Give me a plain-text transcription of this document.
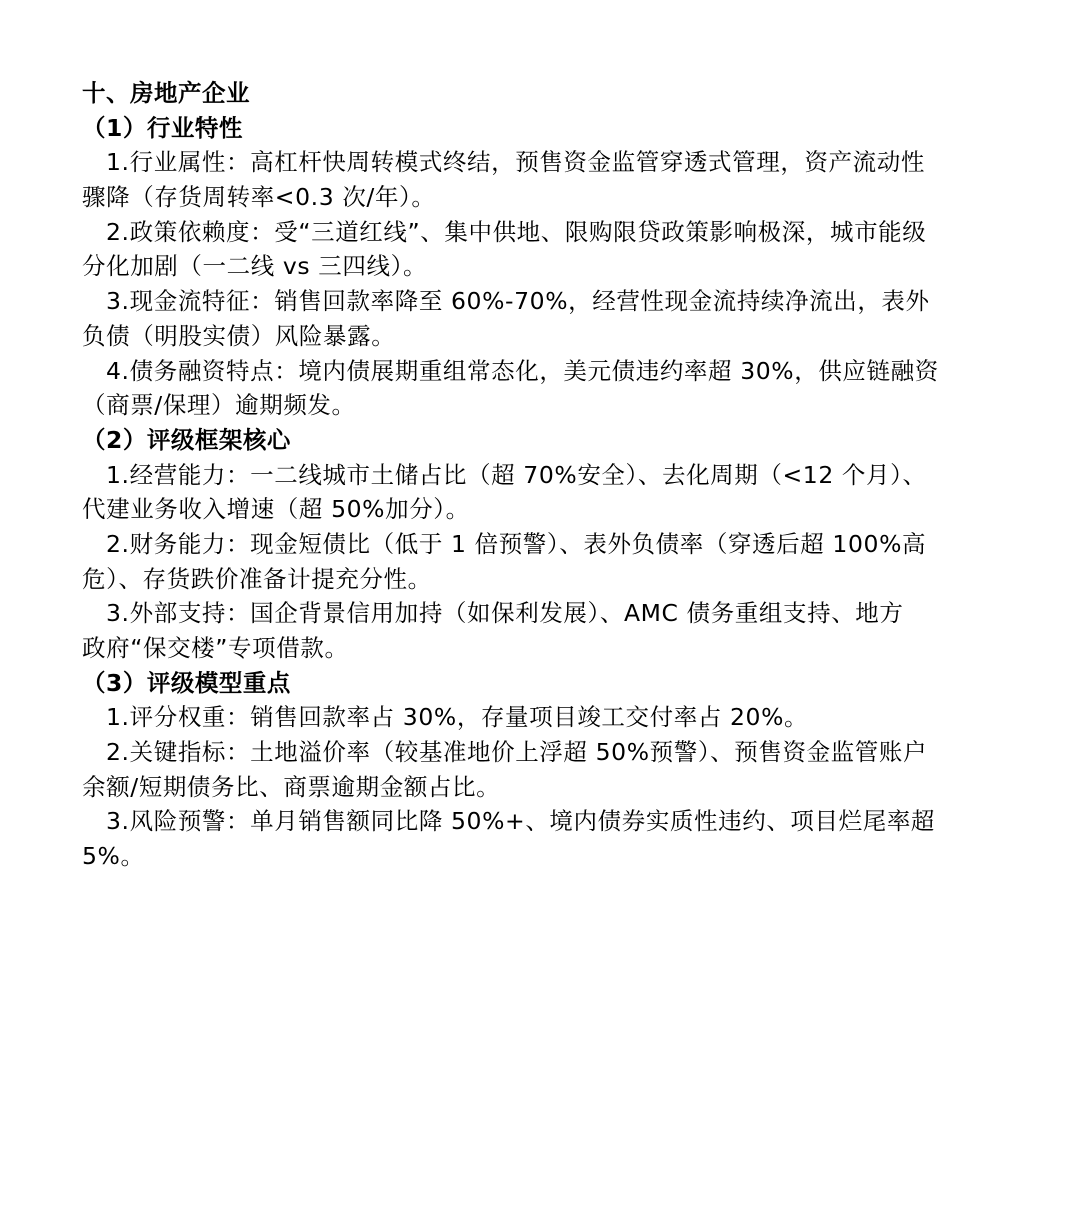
十、房地产企业
（1）行业特性
1.行业属性：高杠杆快周转模式终结，预售资金监管穿透式管理，资产流动性
骤降（存货周转率<0.3 次/年）。
2.政策依赖度：受“三道红线”、集中供地、限购限贷政策影响极深，城市能级
分化加剧（一二线 vs 三四线）。
3.现金流特征：销售回款率降至 60%-70%，经营性现金流持续净流出，表外
负债（明股实债）风险暴露。
4.债务融资特点：境内债展期重组常态化，美元债违约率超 30%，供应链融资
（商票/保理）逾期频发。
（2）评级框架核心
1.经营能力：一二线城市土储占比（超 70%安全）、去化周期（<12 个月）、
代建业务收入增速（超 50%加分）。
2.财务能力：现金短债比（低于 1 倍预警）、表外负债率（穿透后超 100%高
危）、存货跌价准备计提充分性。
3.外部支持：国企背景信用加持（如保利发展）、AMC 债务重组支持、地方
政府“保交楼”专项借款。
（3）评级模型重点
1.评分权重：销售回款率占 30%，存量项目竣工交付率占 20%。
2.关键指标：土地溢价率（较基准地价上浮超 50%预警）、预售资金监管账户
余额/短期债务比、商票逾期金额占比。
3.风险预警：单月销售额同比降 50%+、境内债券实质性违约、项目烂尾率超
5%。
